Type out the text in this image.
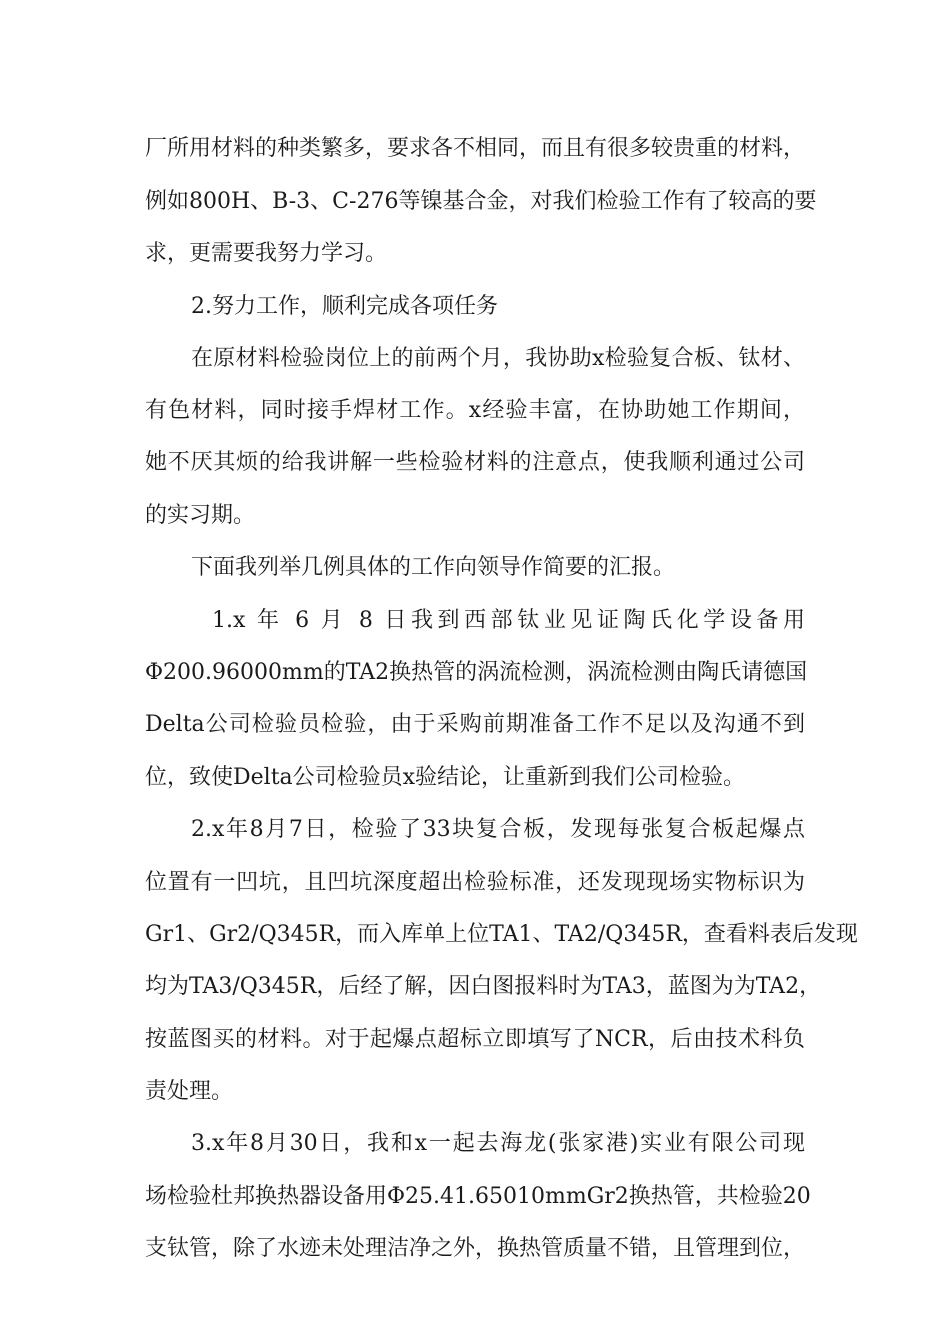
厂所用材料的种类繁多，要求各不相同，而且有很多较贵重的材料，
例如800H、B-3、C-276等镍基合金，对我们检验工作有了较高的要
求，更需要我努力学习。
2.努力工作，顺利完成各项任务
在原材料检验岗位上的前两个月，我协助x检验复合板、钛材、
有色材料，同时接手焊材工作。x经验丰富，在协助她工作期间，
她不厌其烦的给我讲解一些检验材料的注意点，使我顺利通过公司
的实习期。
下面我列举几例具体的工作向领导作简要的汇报。
1.x 年 6 月 8 日我到西部钛业见证陶氏化学设备用
Φ200.96000mm的TA2换热管的涡流检测，涡流检测由陶氏请德国
Delta公司检验员检验，由于采购前期准备工作不足以及沟通不到
位，致使Delta公司检验员x验结论，让重新到我们公司检验。
2.x年8月7日，检验了33块复合板，发现每张复合板起爆点
位置有一凹坑，且凹坑深度超出检验标准，还发现现场实物标识为
Gr1、Gr2/Q345R，而入库单上位TA1、TA2/Q345R，查看料表后发现
均为TA3/Q345R，后经了解，因白图报料时为TA3，蓝图为为TA2，
按蓝图买的材料。对于起爆点超标立即填写了NCR，后由技术科负
责处理。
3.x年8月30日，我和x一起去海龙(张家港)实业有限公司现
场检验杜邦换热器设备用Φ25.41.65010mmGr2换热管，共检验20
支钛管，除了水迹未处理洁净之外，换热管质量不错，且管理到位，
